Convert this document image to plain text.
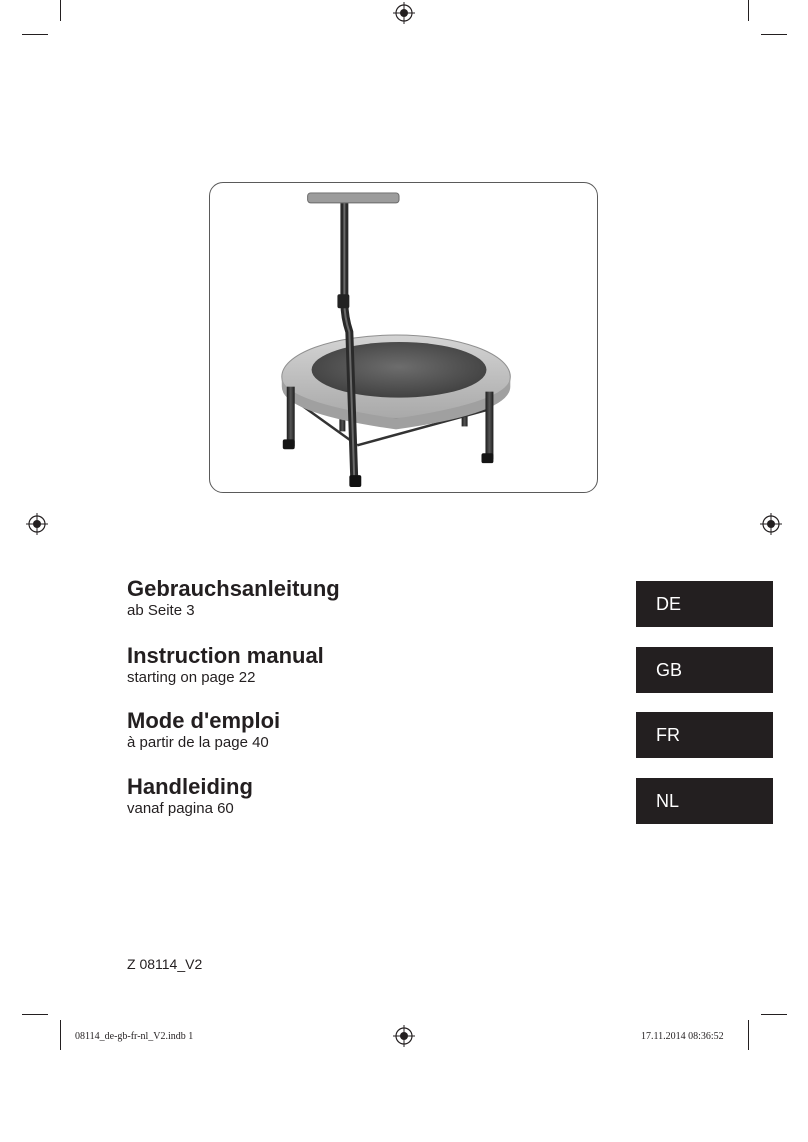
Gebrauchsanleitung
ab Seite 3
Instruction manual
starting on page 22
Mode d'emploi
à partir de la page 40
Handleiding
vanaf pagina 60
DE
GB
FR
NL
Z 08114_V2
08114_de-gb-fr-nl_V2.indb 1	17.11.2014 08:36:52
